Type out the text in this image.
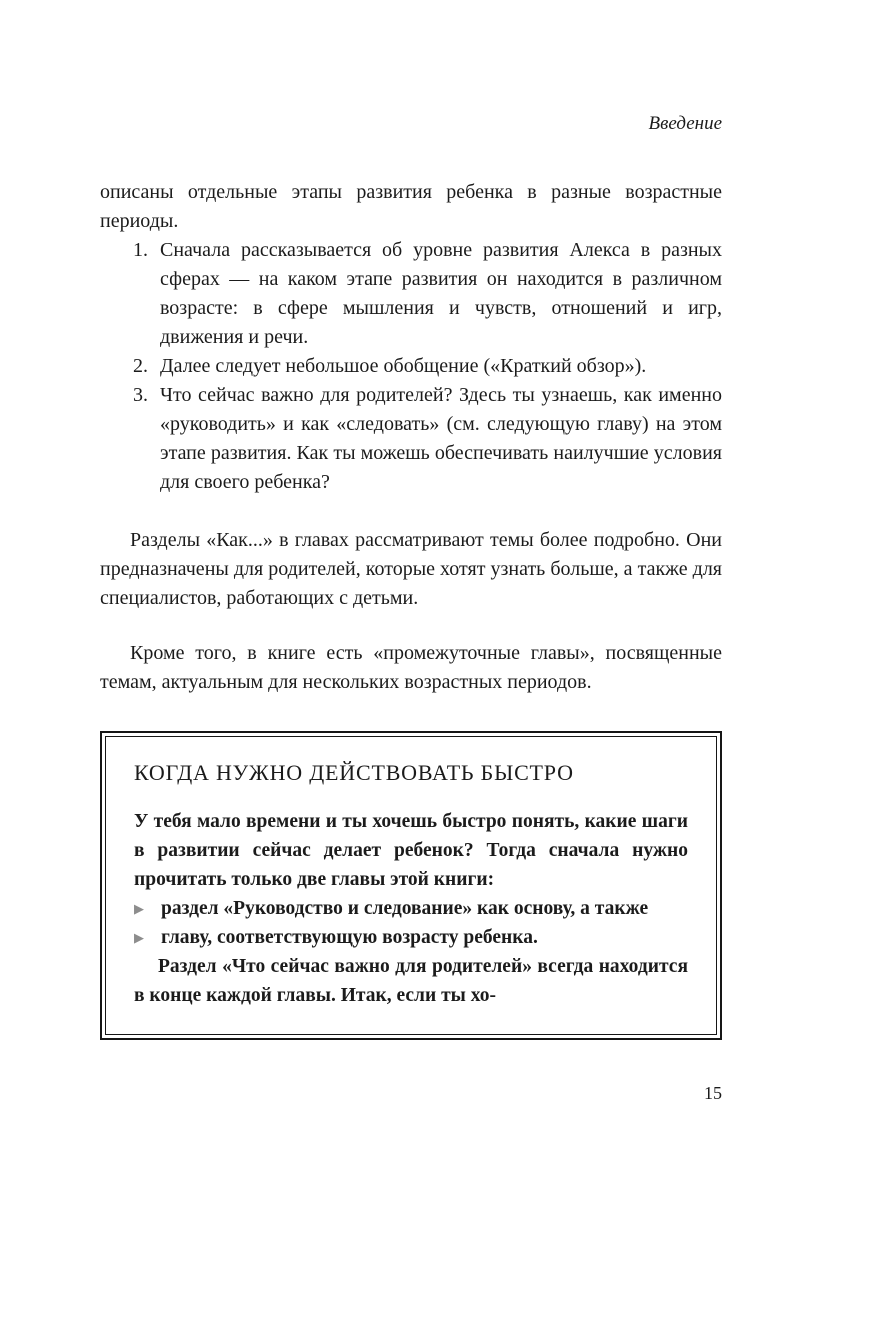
Введение

описаны отдельные этапы развития ребенка в разные возрастные периоды.

1. Сначала рассказывается об уровне развития Алекса в разных сферах — на каком этапе развития он находится в различном возрасте: в сфере мышления и чувств, отношений и игр, движения и речи.
2. Далее следует небольшое обобщение («Краткий обзор»).
3. Что сейчас важно для родителей? Здесь ты узнаешь, как именно «руководить» и как «следовать» (см. следующую главу) на этом этапе развития. Как ты можешь обеспечивать наилучшие условия для своего ребенка?

Разделы «Как...» в главах рассматривают темы более подробно. Они предназначены для родителей, которые хотят узнать больше, а также для специалистов, работающих с детьми.

Кроме того, в книге есть «промежуточные главы», посвященные темам, актуальным для нескольких возрастных периодов.

КОГДА НУЖНО ДЕЙСТВОВАТЬ БЫСТРО

У тебя мало времени и ты хочешь быстро понять, какие шаги в развитии сейчас делает ребенок? Тогда сначала нужно прочитать только две главы этой книги:

▶ раздел «Руководство и следование» как основу, а также
▶ главу, соответствующую возрасту ребенка.

Раздел «Что сейчас важно для родителей» всегда находится в конце каждой главы. Итак, если ты хо-

15
